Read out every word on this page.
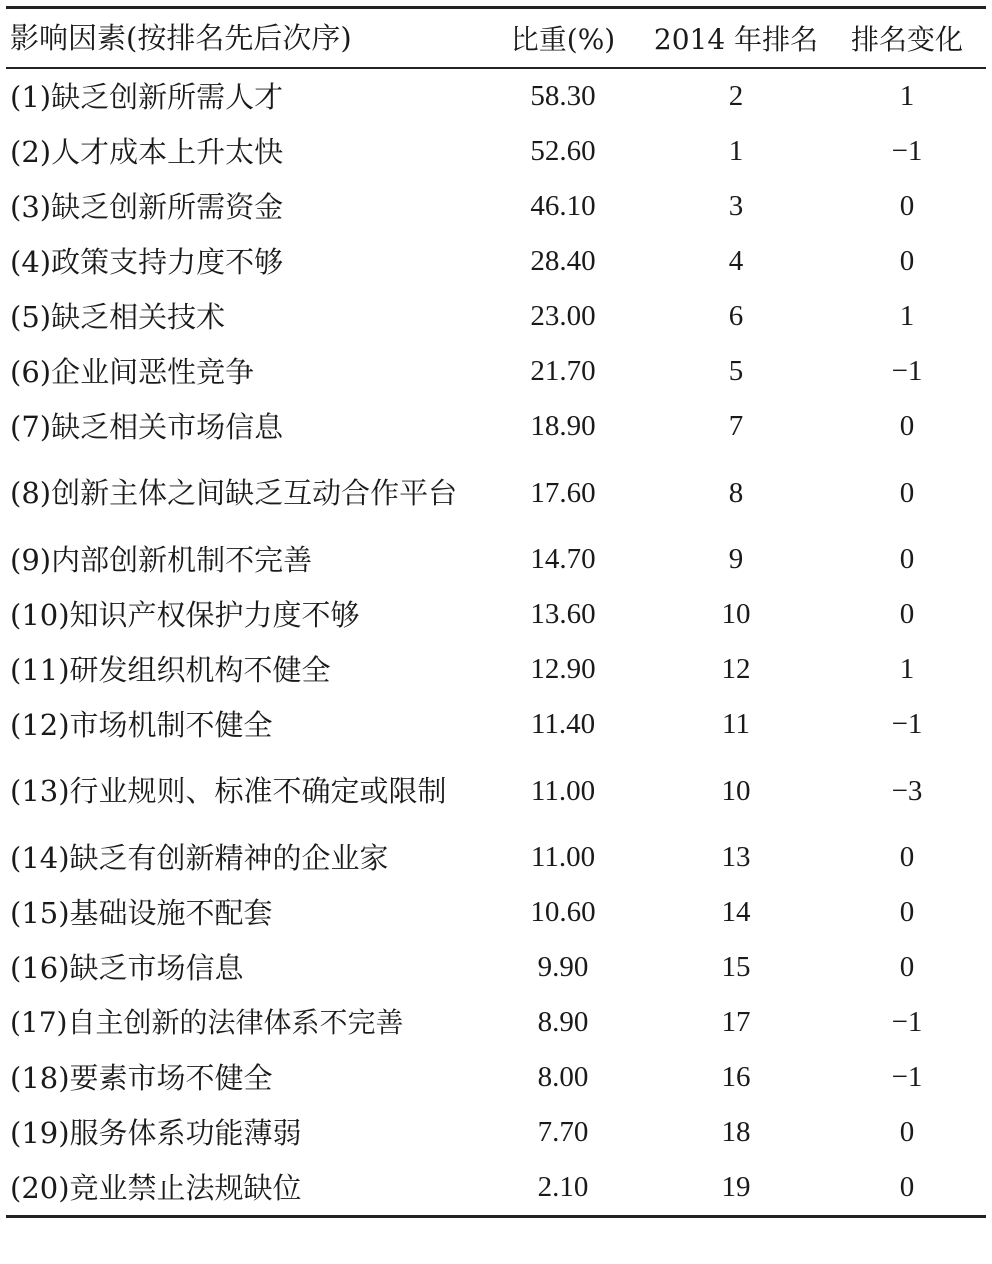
影响因素(按排名先后次序)	比重(%)	2014 年排名	排名变化
(1)缺乏创新所需人才	58.30	2	1
(2)人才成本上升太快	52.60	1	−1
(3)缺乏创新所需资金	46.10	3	0
(4)政策支持力度不够	28.40	4	0
(5)缺乏相关技术	23.00	6	1
(6)企业间恶性竞争	21.70	5	−1
(7)缺乏相关市场信息	18.90	7	0
(8)创新主体之间缺乏互动合作平台	17.60	8	0
(9)内部创新机制不完善	14.70	9	0
(10)知识产权保护力度不够	13.60	10	0
(11)研发组织机构不健全	12.90	12	1
(12)市场机制不健全	11.40	11	−1
(13)行业规则、标准不确定或限制	11.00	10	−3
(14)缺乏有创新精神的企业家	11.00	13	0
(15)基础设施不配套	10.60	14	0
(16)缺乏市场信息	9.90	15	0
(17)自主创新的法律体系不完善	8.90	17	−1
(18)要素市场不健全	8.00	16	−1
(19)服务体系功能薄弱	7.70	18	0
(20)竞业禁止法规缺位	2.10	19	0
